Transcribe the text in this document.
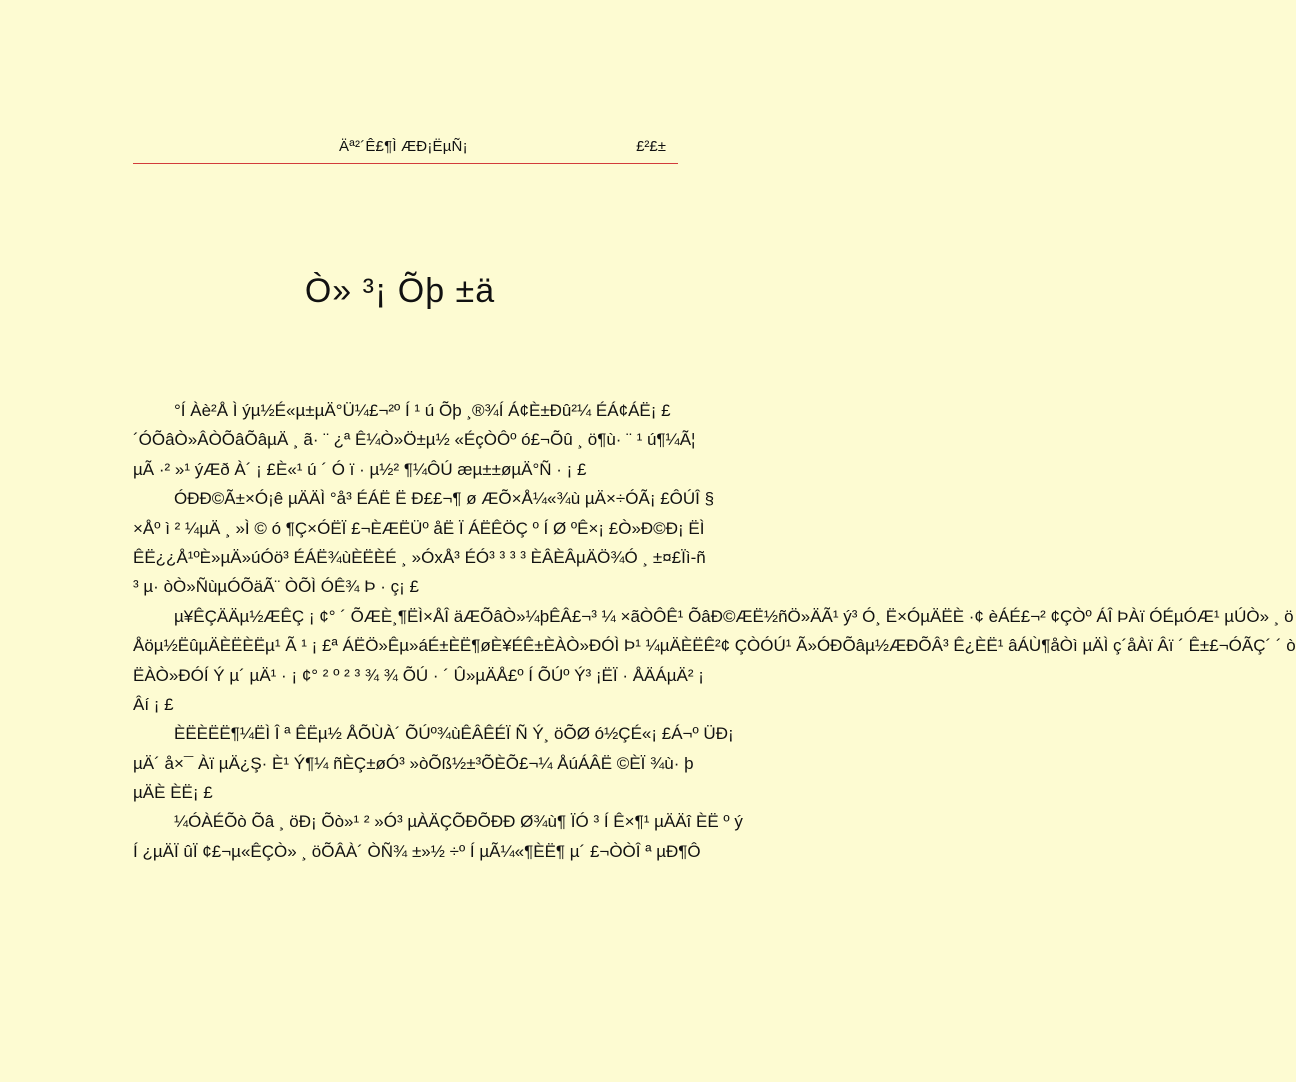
Äª²´Ê£¶Ì ÆÐ¡ËµÑ¡	£²£±
Ò» ³¡ Õþ ±ä
°Í Àè²Å Ì ýµ½É«µ±µÄ°Ü¼£¬²º Í ¹ ú Õþ ¸®¾Í Á¢È±Ðû²¼ ÉÁ¢ÁË¡ £
´ÓÕâÒ»ÂÒÕâÕâµÄ ¸ ã· ¨ ¿ª Ê¼Ò»Ö±µ½ «ÉçÒÔº ó£¬Õû ¸ ö¶ù· ¨ ¹ ú¶¼Ã¦
µÃ ·² »¹ ýÆð À´ ¡ £È«¹ ú ´ Ó ï · µ½² ¶¼ÔÚ æµ±±øµÄ°Ñ · ¡ £
ÓÐÐ©Ã±×Ó¡ê µÄÄÌ °å³ ÉÁË Ë Ð££¬¶ ø ÆÕ×Å¼«¾ù µÄ×÷ÓÃ¡ £ÔÚÎ §
×Åº ì ² ¼µÄ ¸ »Ì © ó ¶Ç×ÓËÏ £¬ÈÆËÜº åË Ï ÁËÊÖÇ º Í Ø ºÊ×¡ £Ò»Ð©Ð¡ ËÌ
ÊË¿¿Å¹ºÈ»µÄ»úÓö³ ÉÁË¾ùÈËÈÉ ¸ »ÓxÅ³ ÉÓ³ ³ ³ ³ ÈÂÈÂµÄÖ¾Ó ¸ ±¤£Ïì-ñ
³ µ· òÒ»ÑùµÓÕäÃ¨ ÒÕÌ ÓÊ¾ Þ · ç¡ £
µ¥ÊÇÄÄµ½ÆÊÇ ¡ ¢° ´ ÕÆÈ¸¶ËÌ×ÅÎ äÆÕâÒ»¼þÊÂ£¬³ ¼ ×ãÒÔÊ¹ ÕâÐ©ÆË½ñÖ»ÄÃ¹ ý³ Ó¸ Ë×ÓµÄËÈ ·¢ èÁÉ£¬² ¢ÇÒº ÁÎ ÞÀï ÓÉµÓÆ¹ µÚÒ» ¸ ö
Åöµ½ËûµÄÈËÈËµ¹ Ã ¹ ¡ £ª ÁËÖ»Êµ»áÉ±ÈË¶øÈ¥ÉÊ±ÈÀÒ»ÐÓÌ Þ¹ ¼µÄÈËÊ²¢ ÇÒÓÚ¹ Ã»ÓÐÕâµ½ÆÐÕÂ³ Ê¿ÈË¹ âÁÙ¶åÒì µÄÌ ç´åÀï Âï ´ Ê±£¬ÓÃÇ´ ´ ò
ËÀÒ»ÐÓÍ Ý µ´ µÄ¹ · ¡ ¢° ² º ² ³ ¾ ¾ ÕÚ · ´ Û»µÄÅ£º Í ÕÚº Ý³ ¡ËÏ · ÅÄÁµÄ² ¡
Âí ¡ £
ÈËÈËË¶¼ËÌ Î ª ÊËµ½ ÅÕÙÀ´ ÕÚº¾ùÊÂÊÉÏ Ñ Ý¸ öÕØ ó½ÇÉ«¡ £Á¬º ÜÐ¡
µÄ´ å×¯ Àï µÄ¿Ş· È¹ Ý¶¼ ñÈÇ±øÓ³ »òÕß½±³ÕÈÕ£¬¼ ÅúÁÂË ©ÈÏ ¾ù· þ
µÄÈ ÈË¡ £
¼ÓÀÉÕò Õâ ¸ öÐ¡ Õò»¹ ² »Ó³ µÀÄÇÕÐÕÐÐ Ø¾ù¶ ÏÓ ³ Í Ê×¶¹ µÄÄî ÈË º ý
Í ¿µÄÏ ûÏ ¢£¬µ«ÊÇÒ» ¸ öÕÂÀ´ ÒÑ¾ ±»½ ÷º Í µÃ¼«¶ÈË¶ µ´ £¬ÒÒÎ ª µÐ¶Ô
